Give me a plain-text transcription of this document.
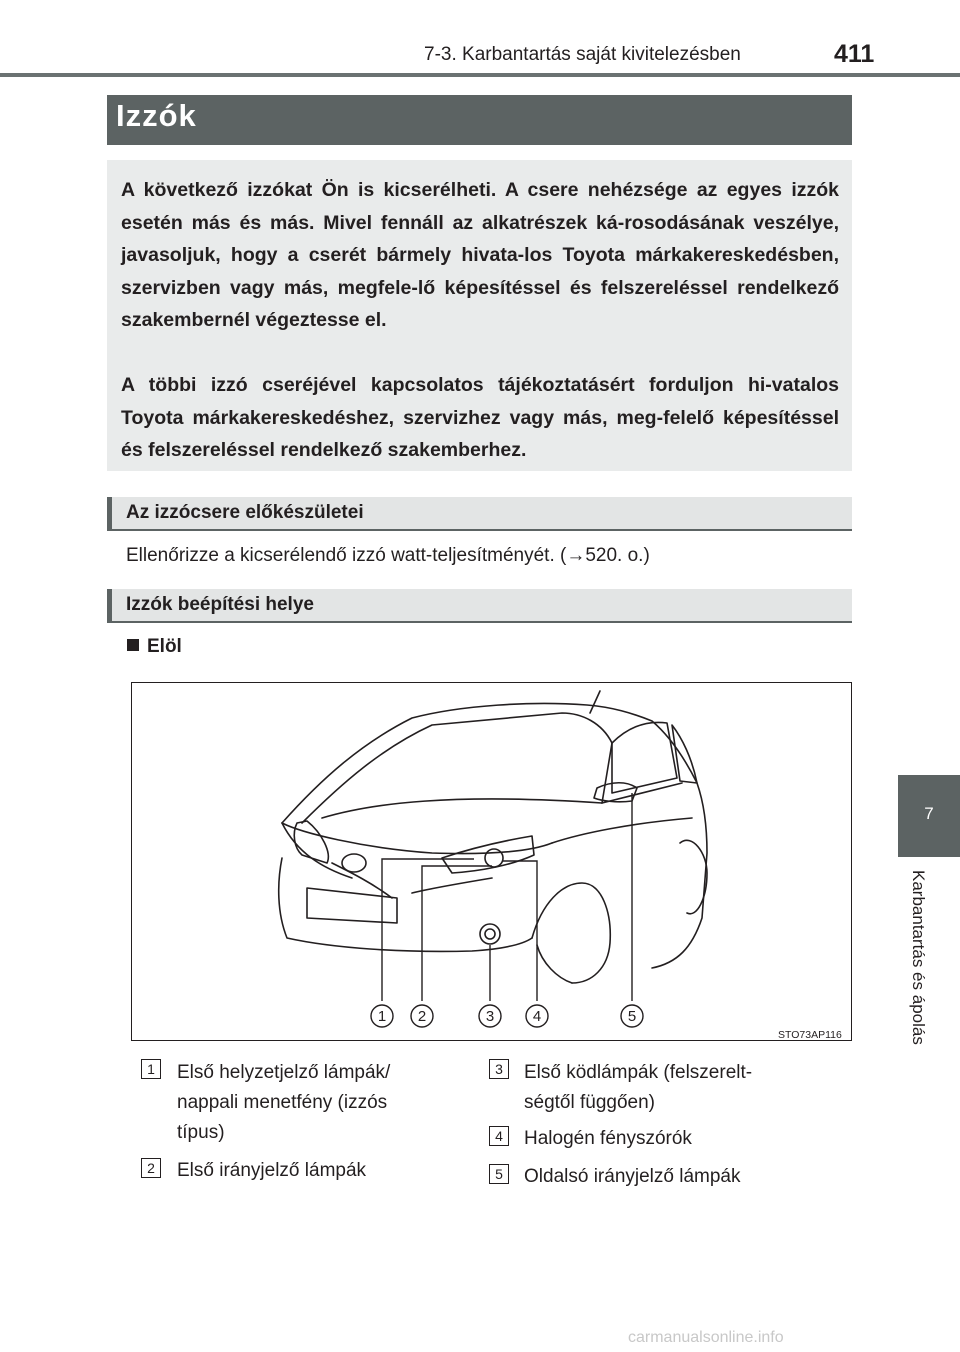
7-3. Karbantartás saját kivitelezésben	411
7
Karbantartás és ápolás
Izzók

A következő izzókat Ön is kicserélheti. A csere nehézsége az egyes izzók esetén más és más. Mivel fennáll az alkatrészek ká-rosodásának veszélye, javasoljuk, hogy a cserét bármely hivata-los Toyota márkakereskedésben, szervizben vagy más, megfele-lő képesítéssel és felszereléssel rendelkező szakembernél végeztesse el.

A többi izzó cseréjével kapcsolatos tájékoztatásért forduljon hi-vatalos Toyota márkakereskedéshez, szervizhez vagy más, meg-felelő képesítéssel és felszereléssel rendelkező szakemberhez.

Az izzócsere előkészületei
Ellenőrizze a kicserélendő izzó watt-teljesítményét. (→520. o.)
Izzók beépítési helye
Elöl
1 2	3	4	5
STO73AP116
1	Első helyzetjelző lámpák/
nappali menetfény (izzós
típus)
2	Első irányjelző lámpák
3	Első ködlámpák (felszerelt-
ségtől függően)
4	Halogén fényszórók
5	Oldalsó irányjelző lámpák
carmanualsonline.info
